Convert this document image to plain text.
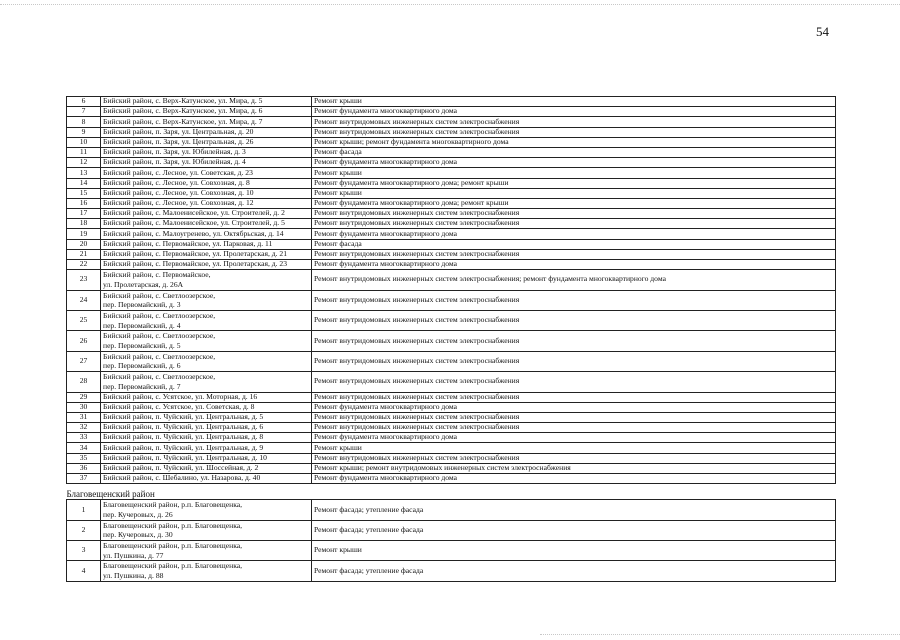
54
6	Бийский район, с. Верх-Катунское, ул. Мира, д. 5	Ремонт крыши
7	Бийский район, с. Верх-Катунское, ул. Мира, д. 6	Ремонт фундамента многоквартирного дома
8	Бийский район, с. Верх-Катунское, ул. Мира, д. 7	Ремонт внутридомовых инженерных систем электроснабжения
9	Бийский район, п. Заря, ул. Центральная, д. 20	Ремонт внутридомовых инженерных систем электроснабжения
10	Бийский район, п. Заря, ул. Центральная, д. 26	Ремонт крыши; ремонт фундамента многоквартирного дома
11	Бийский район, п. Заря, ул. Юбилейная, д. 3	Ремонт фасада
12	Бийский район, п. Заря, ул. Юбилейная, д. 4	Ремонт фундамента многоквартирного дома
13	Бийский район, с. Лесное, ул. Советская, д. 23	Ремонт крыши
14	Бийский район, с. Лесное, ул. Совхозная, д. 8	Ремонт фундамента многоквартирного дома; ремонт крыши
15	Бийский район, с. Лесное, ул. Совхозная, д. 10	Ремонт крыши
16	Бийский район, с. Лесное, ул. Совхозная, д. 12	Ремонт фундамента многоквартирного дома; ремонт крыши
17	Бийский район, с. Малоенисейское, ул. Строителей, д. 2	Ремонт внутридомовых инженерных систем электроснабжения
18	Бийский район, с. Малоенисейское, ул. Строителей, д. 5	Ремонт внутридомовых инженерных систем электроснабжения
19	Бийский район, с. Малоугренево, ул. Октябрьская, д. 14	Ремонт фундамента многоквартирного дома
20	Бийский район, с. Первомайское, ул. Парковая, д. 11	Ремонт фасада
21	Бийский район, с. Первомайское, ул. Пролетарская, д. 21	Ремонт внутридомовых инженерных систем электроснабжения
22	Бийский район, с. Первомайское, ул. Пролетарская, д. 23	Ремонт фундамента многоквартирного дома
23	Бийский район, с. Первомайское,
ул. Пролетарская, д. 26А	Ремонт внутридомовых инженерных систем электроснабжения; ремонт фундамента многоквартирного дома
24	Бийский район, с. Светлоозерское,
пер. Первомайский, д. 3	Ремонт внутридомовых инженерных систем электроснабжения
25	Бийский район, с. Светлоозерское,
пер. Первомайский, д. 4	Ремонт внутридомовых инженерных систем электроснабжения
26	Бийский район, с. Светлоозерское,
пер. Первомайский, д. 5	Ремонт внутридомовых инженерных систем электроснабжения
27	Бийский район, с. Светлоозерское,
пер. Первомайский, д. 6	Ремонт внутридомовых инженерных систем электроснабжения
28	Бийский район, с. Светлоозерское,
пер. Первомайский, д. 7	Ремонт внутридомовых инженерных систем электроснабжения
29	Бийский район, с. Усятское, ул. Моторная, д. 16	Ремонт внутридомовых инженерных систем электроснабжения
30	Бийский район, с. Усятское, ул. Советская, д. 8	Ремонт фундамента многоквартирного дома
31	Бийский район, п. Чуйский, ул. Центральная, д. 5	Ремонт внутридомовых инженерных систем электроснабжения
32	Бийский район, п. Чуйский, ул. Центральная, д. 6	Ремонт внутридомовых инженерных систем электроснабжения
33	Бийский район, п. Чуйский, ул. Центральная, д. 8	Ремонт фундамента многоквартирного дома
34	Бийский район, п. Чуйский, ул. Центральная, д. 9	Ремонт крыши
35	Бийский район, п. Чуйский, ул. Центральная, д. 10	Ремонт внутридомовых инженерных систем электроснабжения
36	Бийский район, п. Чуйский, ул. Шоссейная, д. 2	Ремонт крыши; ремонт внутридомовых инженерных систем электроснабжения
37	Бийский район, с. Шебалино, ул. Назарова, д. 40	Ремонт фундамента многоквартирного дома
Благовещенский район		
1	Благовещенский район, р.п. Благовещенка,
пер. Кучеровых, д. 26	Ремонт фасада; утепление фасада
2	Благовещенский район, р.п. Благовещенка,
пер. Кучеровых, д. 30	Ремонт фасада; утепление фасада
3	Благовещенский район, р.п. Благовещенка,
ул. Пушкина, д. 77	Ремонт крыши
4	Благовещенский район, р.п. Благовещенка,
ул. Пушкина, д. 88	Ремонт фасада; утепление фасада
